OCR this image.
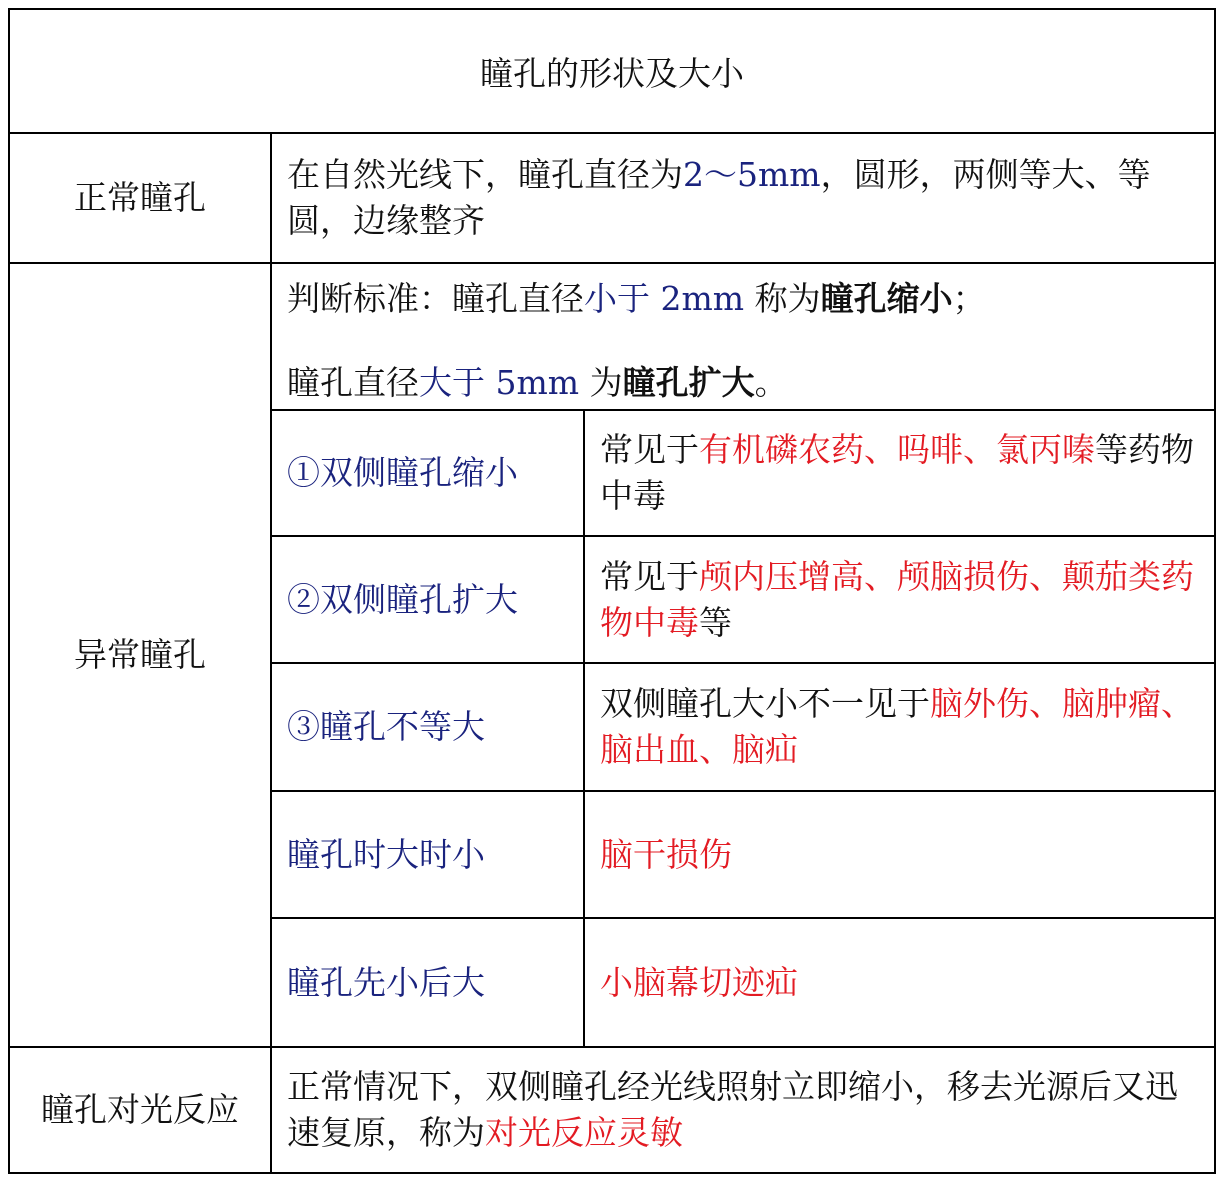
瞳孔的形状及大小
正常瞳孔
在自然光线下，瞳孔直径为2～5mm，圆形，两侧等大、等圆，边缘整齐
异常瞳孔
判断标准：瞳孔直径小于 2mm 称为瞳孔缩小；
瞳孔直径大于 5mm 为瞳孔扩大。
①双侧瞳孔缩小
常见于有机磷农药、吗啡、氯丙嗪等药物中毒
②双侧瞳孔扩大
常见于颅内压增高、颅脑损伤、颠茄类药物中毒等
③瞳孔不等大
双侧瞳孔大小不一见于脑外伤、脑肿瘤、脑出血、脑疝
瞳孔时大时小	脑干损伤
瞳孔先小后大	小脑幕切迹疝
瞳孔对光反应
正常情况下，双侧瞳孔经光线照射立即缩小，移去光源后又迅速复原，称为对光反应灵敏
